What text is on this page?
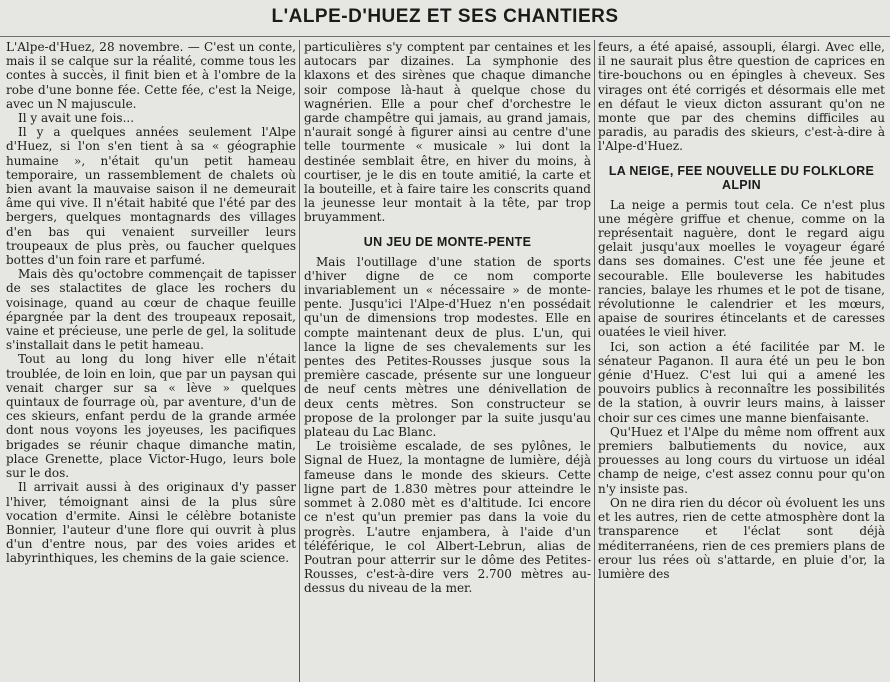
L'ALPE-D'HUEZ ET SES CHANTIERS

L'Alpe-d'Huez, 28 novembre. — C'est un conte, mais il se calque sur la réalité, comme tous les contes à succès, il finit bien et à l'ombre de la robe d'une bonne fée. Cette fée, c'est la Neige, avec un N majuscule.

Il y avait une fois...

Il y a quelques années seulement l'Alpe d'Huez, si l'on s'en tient à sa « géographie humaine », n'était qu'un petit hameau temporaire, un rassemblement de chalets où bien avant la mauvaise saison il ne demeurait âme qui vive. Il n'était habité que l'été par des bergers, quelques montagnards des villages d'en bas qui venaient surveiller leurs troupeaux de plus près, ou faucher quelques bottes d'un foin rare et parfumé.

Mais dès qu'octobre commençait de tapisser de ses stalactites de glace les rochers du voisinage, quand au cœur de chaque feuille épargnée par la dent des troupeaux reposait, vaine et précieuse, une perle de gel, la solitude s'installait dans le petit hameau.

Tout au long du long hiver elle n'était troublée, de loin en loin, que par un paysan qui venait charger sur sa « lève » quelques quintaux de fourrage où, par aventure, d'un de ces skieurs, enfant perdu de la grande armée dont nous voyons les joyeuses, les pacifiques brigades se réunir chaque dimanche matin, place Grenette, place Victor-Hugo, leurs bole sur le dos.

Il arrivait aussi à des originaux d'y passer l'hiver, témoignant ainsi de la plus sûre vocation d'ermite. Ainsi le célèbre botaniste Bonnier, l'auteur d'une flore qui ouvrit à plus d'un d'entre nous, par des voies arides et labyrinthiques, les chemins de la gaie science.

particulières s'y comptent par centaines et les autocars par dizaines. La symphonie des klaxons et des sirènes que chaque dimanche soir compose là-haut à quelque chose du wagnérien. Elle a pour chef d'orchestre le garde champêtre qui jamais, au grand jamais, n'aurait songé à figurer ainsi au centre d'une telle tourmente « musicale » lui dont la destinée semblait être, en hiver du moins, à courtiser, je le dis en toute amitié, la carte et la bouteille, et à faire taire les conscrits quand la jeunesse leur montait à la tête, par trop bruyamment.

UN JEU DE MONTE-PENTE

Mais l'outillage d'une station de sports d'hiver digne de ce nom comporte invariablement un « nécessaire » de monte-pente. Jusqu'ici l'Alpe-d'Huez n'en possédait qu'un de dimensions trop modestes. Elle en compte maintenant deux de plus. L'un, qui lance la ligne de ses chevalements sur les pentes des Petites-Rousses jusque sous la première cascade, présente sur une longueur de neuf cents mètres une dénivellation de deux cents mètres. Son constructeur se propose de la prolonger par la suite jusqu'au plateau du Lac Blanc.

Le troisième escalade, de ses pylônes, le Signal de Huez, la montagne de lumière, déjà fameuse dans le monde des skieurs. Cette ligne part de 1.830 mètres pour atteindre le sommet à 2.080 mèt es d'altitude. Ici encore ce n'est qu'un premier pas dans la voie du progrès. L'autre enjambera, à l'aide d'un téléférique, le col Albert-Lebrun, alias de Poutran pour atterrir sur le dôme des Petites-Rousses, c'est-à-dire vers 2.700 mètres au-dessus du niveau de la mer.

feurs, a été apaisé, assoupli, élargi. Avec elle, il ne saurait plus être question de caprices en tire-bouchons ou en épingles à cheveux. Ses virages ont été corrigés et désormais elle met en défaut le vieux dicton assurant qu'on ne monte que par des chemins difficiles au paradis, au paradis des skieurs, c'est-à-dire à l'Alpe-d'Huez.

LA NEIGE, FEE NOUVELLE DU FOLKLORE ALPIN

La neige a permis tout cela. Ce n'est plus une mégère griffue et chenue, comme on la représentait naguère, dont le regard aigu gelait jusqu'aux moelles le voyageur égaré dans ses domaines. C'est une fée jeune et secourable. Elle bouleverse les habitudes rancies, balaye les rhumes et le pot de tisane, révolutionne le calendrier et les mœurs, apaise de sourires étincelants et de caresses ouatées le vieil hiver.

Ici, son action a été facilitée par M. le sénateur Paganon. Il aura été un peu le bon génie d'Huez. C'est lui qui a amené les pouvoirs publics à reconnaître les possibilités de la station, à ouvrir leurs mains, à laisser choir sur ces cimes une manne bienfaisante.

Qu'Huez et l'Alpe du même nom offrent aux premiers balbutiements du novice, aux prouesses au long cours du virtuose un idéal champ de neige, c'est assez connu pour qu'on n'y insiste pas.

On ne dira rien du décor où évoluent les uns et les autres, rien de cette atmosphère dont la transparence et l'éclat sont déjà méditerranéens, rien de ces premiers plans de erour lus rées où s'attarde, en pluie d'or, la lumière des
